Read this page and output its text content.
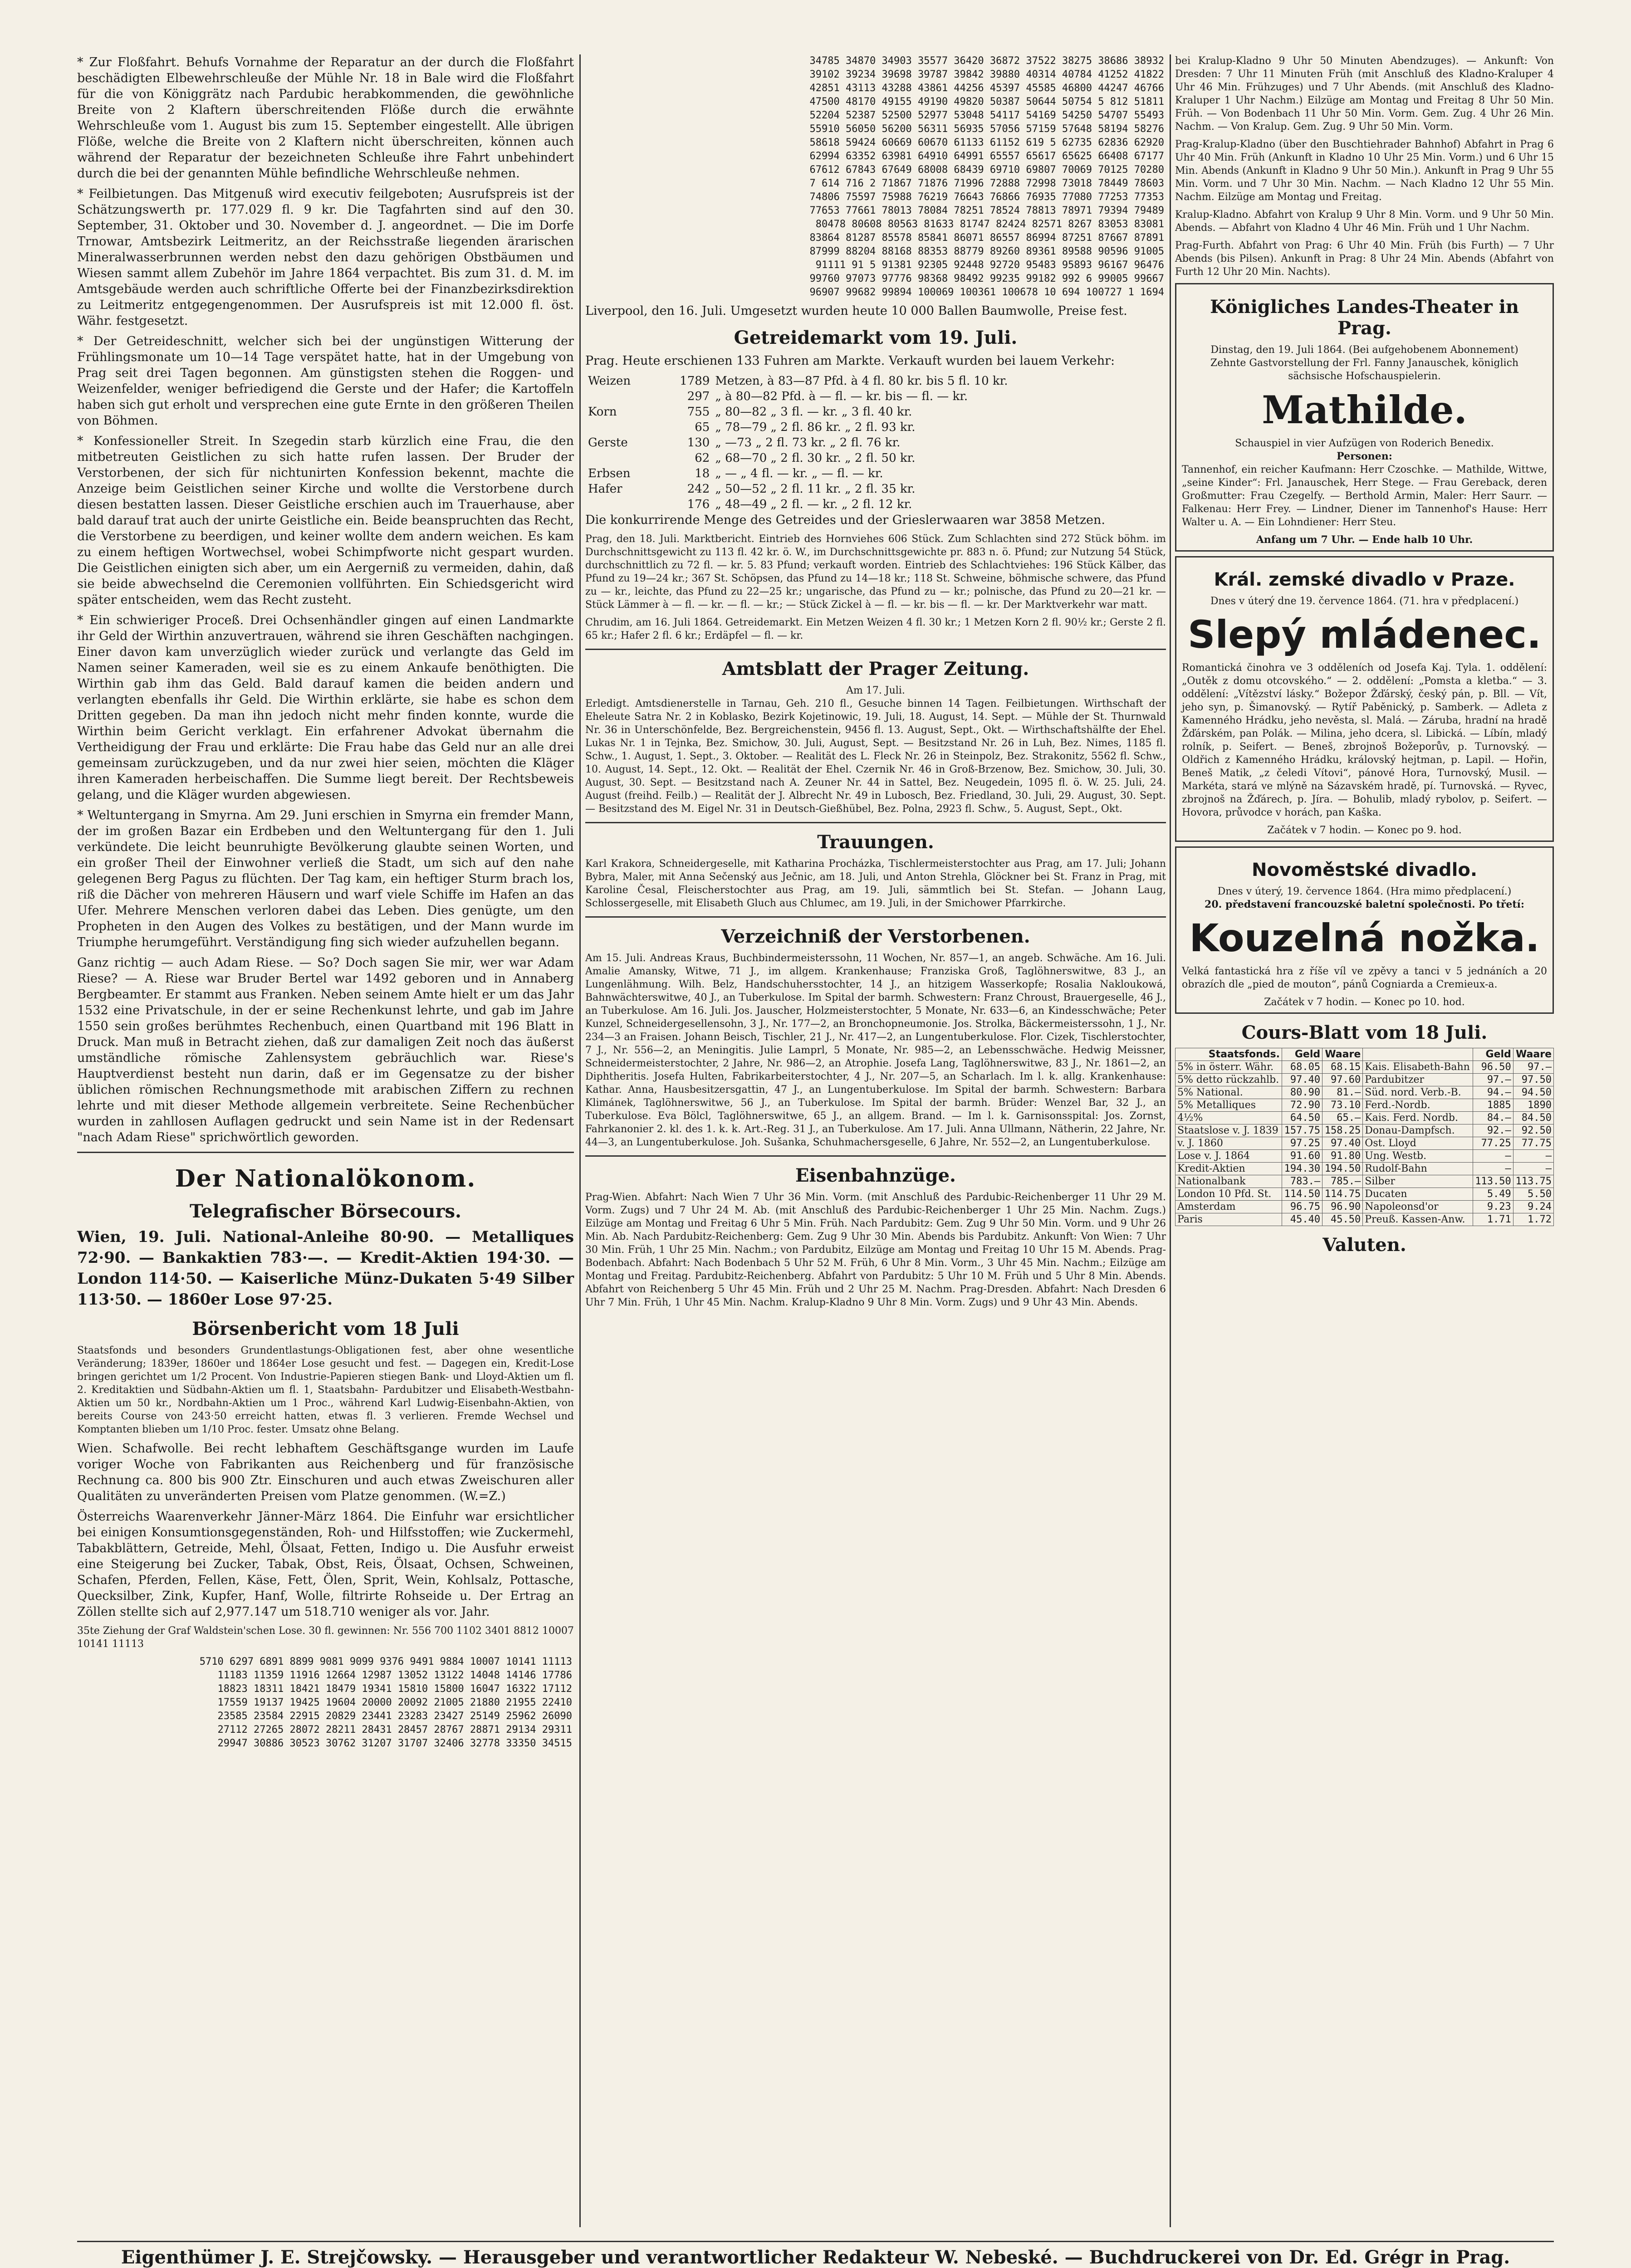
* Zur Floßfahrt. Behufs Vornahme der Reparatur an der durch die Floßfahrt beschädigten Elbewehrschleuße der Mühle Nr. 18 in Bale wird die Floßfahrt für die von Königgrätz nach Pardubic herabkommenden, die gewöhnliche Breite von 2 Klaftern überschreitenden Flöße durch die erwähnte Wehrschleuße vom 1. August bis zum 15. September eingestellt. Alle übrigen Flöße, welche die Breite von 2 Klaftern nicht überschreiten, können auch während der Reparatur der bezeichneten Schleuße ihre Fahrt unbehindert durch die bei der genannten Mühle befindliche Wehrschleuße nehmen.

* Feilbietungen. Das Mitgenuß wird executiv feilgeboten; Ausrufspreis ist der Schätzungswerth pr. 177.029 fl. 9 kr. Die Tagfahrten sind auf den 30. September, 31. Oktober und 30. November d. J. angeordnet. — Die im Dorfe Trnowar, Amtsbezirk Leitmeritz, an der Reichsstraße liegenden ärarischen Mineralwasserbrunnen werden nebst den dazu gehörigen Obstbäumen und Wiesen sammt allem Zubehör im Jahre 1864 verpachtet. Bis zum 31. d. M. im Amtsgebäude werden auch schriftliche Offerte bei der Finanzbezirksdirektion zu Leitmeritz entgegengenommen. Der Ausrufspreis ist mit 12.000 fl. öst. Währ. festgesetzt.

* Der Getreideschnitt, welcher sich bei der ungünstigen Witterung der Frühlingsmonate um 10—14 Tage verspätet hatte, hat in der Umgebung von Prag seit drei Tagen begonnen. Am günstigsten stehen die Roggen- und Weizenfelder, weniger befriedigend die Gerste und der Hafer; die Kartoffeln haben sich gut erholt und versprechen eine gute Ernte in den größeren Theilen von Böhmen.

* Konfessioneller Streit. In Szegedin starb kürzlich eine Frau, die den mitbetreuten Geistlichen zu sich hatte rufen lassen. Der Bruder der Verstorbenen, der sich für nichtunirten Konfession bekennt, machte die Anzeige beim Geistlichen seiner Kirche und wollte die Verstorbene durch diesen bestatten lassen. Dieser Geistliche erschien auch im Trauerhause, aber bald darauf trat auch der unirte Geistliche ein. Beide beanspruchten das Recht, die Verstorbene zu beerdigen, und keiner wollte dem andern weichen. Es kam zu einem heftigen Wortwechsel, wobei Schimpfworte nicht gespart wurden. Die Geistlichen einigten sich aber, um ein Aergerniß zu vermeiden, dahin, daß sie beide abwechselnd die Ceremonien vollführten. Ein Schiedsgericht wird später entscheiden, wem das Recht zusteht.

* Ein schwieriger Proceß. Drei Ochsenhändler gingen auf einen Landmarkte ihr Geld der Wirthin anzuvertrauen, während sie ihren Geschäften nachgingen. Einer davon kam unverzüglich wieder zurück und verlangte das Geld im Namen seiner Kameraden, weil sie es zu einem Ankaufe benöthigten. Die Wirthin gab ihm das Geld. Bald darauf kamen die beiden andern und verlangten ebenfalls ihr Geld. Die Wirthin erklärte, sie habe es schon dem Dritten gegeben. Da man ihn jedoch nicht mehr finden konnte, wurde die Wirthin beim Gericht verklagt. Ein erfahrener Advokat übernahm die Vertheidigung der Frau und erklärte: Die Frau habe das Geld nur an alle drei gemeinsam zurückzugeben, und da nur zwei hier seien, möchten die Kläger ihren Kameraden herbeischaffen. Die Summe liegt bereit. Der Rechtsbeweis gelang, und die Kläger wurden abgewiesen.

* Weltuntergang in Smyrna. Am 29. Juni erschien in Smyrna ein fremder Mann, der im großen Bazar ein Erdbeben und den Weltuntergang für den 1. Juli verkündete. Die leicht beunruhigte Bevölkerung glaubte seinen Worten, und ein großer Theil der Einwohner verließ die Stadt, um sich auf den nahe gelegenen Berg Pagus zu flüchten. Der Tag kam, ein heftiger Sturm brach los, riß die Dächer von mehreren Häusern und warf viele Schiffe im Hafen an das Ufer. Mehrere Menschen verloren dabei das Leben. Dies genügte, um den Propheten in den Augen des Volkes zu bestätigen, und der Mann wurde im Triumphe herumgeführt. Verständigung fing sich wieder aufzuhellen begann.

Ganz richtig — auch Adam Riese. — So? Doch sagen Sie mir, wer war Adam Riese? — A. Riese war Bruder Bertel war 1492 geboren und in Annaberg Bergbeamter. Er stammt aus Franken. Neben seinem Amte hielt er um das Jahr 1532 eine Privatschule, in der er seine Rechenkunst lehrte, und gab im Jahre 1550 sein großes berühmtes Rechenbuch, einen Quartband mit 196 Blatt in Druck. Man muß in Betracht ziehen, daß zur damaligen Zeit noch das äußerst umständliche römische Zahlensystem gebräuchlich war. Riese's Hauptverdienst besteht nun darin, daß er im Gegensatze zu der bisher üblichen römischen Rechnungsmethode mit arabischen Ziffern zu rechnen lehrte und mit dieser Methode allgemein verbreitete. Seine Rechenbücher wurden in zahllosen Auflagen gedruckt und sein Name ist in der Redensart "nach Adam Riese" sprichwörtlich geworden.

Der Nationalökonom.
Telegrafischer Börsecours.

Wien, 19. Juli. National-Anleihe 80·90. — Metalliques 72·90. — Bankaktien 783·—. — Kredit-Aktien 194·30. — London 114·50. — Kaiserliche Münz-Dukaten 5·49 Silber 113·50. — 1860er Lose 97·25.

Börsenbericht vom 18 Juli

Staatsfonds und besonders Grundentlastungs-Obligationen fest, aber ohne wesentliche Veränderung; 1839er, 1860er und 1864er Lose gesucht und fest. — Dagegen ein, Kredit-Lose bringen gerichtet um 1/2 Procent. Von Industrie-Papieren stiegen Bank- und Lloyd-Aktien um fl. 2. Kreditaktien und Südbahn-Aktien um fl. 1, Staatsbahn- Pardubitzer und Elisabeth-Westbahn-Aktien um 50 kr., Nordbahn-Aktien um 1 Proc., während Karl Ludwig-Eisenbahn-Aktien, von bereits Course von 243·50 erreicht hatten, etwas fl. 3 verlieren. Fremde Wechsel und Komptanten blieben um 1/10 Proc. fester. Umsatz ohne Belang.

Wien. Schafwolle. Bei recht lebhaftem Geschäftsgange wurden im Laufe voriger Woche von Fabrikanten aus Reichenberg und für französische Rechnung ca. 800 bis 900 Ztr. Einschuren und auch etwas Zweischuren aller Qualitäten zu unveränderten Preisen vom Platze genommen. (W.=Z.)

Österreichs Waarenverkehr Jänner-März 1864. Die Einfuhr war ersichtlicher bei einigen Konsumtionsgegenständen, Roh- und Hilfsstoffen; wie Zuckermehl, Tabakblättern, Getreide, Mehl, Ölsaat, Fetten, Indigo u. Die Ausfuhr erweist eine Steigerung bei Zucker, Tabak, Obst, Reis, Ölsaat, Ochsen, Schweinen, Schafen, Pferden, Fellen, Käse, Fett, Ölen, Sprit, Wein, Kohlsalz, Pottasche, Quecksilber, Zink, Kupfer, Hanf, Wolle, filtrirte Rohseide u. Der Ertrag an Zöllen stellte sich auf 2,977.147 um 518.710 weniger als vor. Jahr.

35te Ziehung der Graf Waldstein'schen Lose. 30 fl. gewinnen: Nr. 556 700 1102 3401 8812 10007 10141 11113

5710 6297 6891 8899 9081 9099 9376 9491 9884 10007 10141 11113
11183 11359 11916 12664 12987 13052 13122 14048 14146 17786
18823 18311 18421 18479 19341 15810 15800 16047 16322 17112
17559 19137 19425 19604 20000 20092 21005 21880 21955 22410
23585 23584 22915 20829 23441 23283 23427 25149 25962 26090
27112 27265 28072 28211 28431 28457 28767 28871 29134 29311
29947 30886 30523 30762 31207 31707 32406 32778 33350 34515
34785 34870 34903 35577 36420 36872 37522 38275 38686 38932
39102 39234 39698 39787 39842 39880 40314 40784 41252 41822
42851 43113 43288 43861 44256 45397 45585 46800 44247 46766
47500 48170 49155 49190 49820 50387 50644 50754 5 812 51811
52204 52387 52500 52977 53048 54117 54169 54250 54707 55493
55910 56050 56200 56311 56935 57056 57159 57648 58194 58276
58618 59424 60669 60670 61133 61152 619 5 62735 62836 62920
62994 63352 63981 64910 64991 65557 65617 65625 66408 67177
67612 67843 67649 68008 68439 69710 69807 70069 70125 70280
7 614 716 2 71867 71876 71996 72888 72998 73018 78449 78603
74806 75597 75988 76219 76643 76866 76935 77080 77253 77353
77653 77661 78013 78084 78251 78524 78813 78971 79394 79489
80478 80608 80563 81633 81747 82424 82571 8267 83053 83081
83864 81287 85578 85841 86071 86557 86994 87251 87667 87891
87999 88204 88168 88353 88779 89260 89361 89588 90596 91005
91111 91 5 91381 92305 92448 92720 95483 95893 96167 96476
99760 97073 97776 98368 98492 99235 99182 992 6 99005 99667
96907 99682 99894 100069 100361 100678 10 694 100727 1 1694

Liverpool, den 16. Juli. Umgesetzt wurden heute 10 000 Ballen Baumwolle, Preise fest.

Getreidemarkt vom 19. Juli.

Prag. Heute erschienen 133 Fuhren am Markte. Verkauft wurden bei lauem Verkehr:

Weizen	1789	Metzen, à 83—87 Pfd. à 4 fl. 80 kr. bis 5 fl. 10 kr.
	297	„ à 80—82 Pfd. à — fl. — kr. bis — fl. — kr.
Korn	755	„ 80—82 „ 3 fl. — kr. „ 3 fl. 40 kr.
	65	„ 78—79 „ 2 fl. 86 kr. „ 2 fl. 93 kr.
Gerste	130	„ —73 „ 2 fl. 73 kr. „ 2 fl. 76 kr.
	62	„ 68—70 „ 2 fl. 30 kr. „ 2 fl. 50 kr.
Erbsen	18	„ — „ 4 fl. — kr. „ — fl. — kr.
Hafer	242	„ 50—52 „ 2 fl. 11 kr. „ 2 fl. 35 kr.
	176	„ 48—49 „ 2 fl. — kr. „ 2 fl. 12 kr.

Die konkurrirende Menge des Getreides und der Grieslerwaaren war 3858 Metzen.

Prag, den 18. Juli. Marktbericht. Eintrieb des Hornviehes 606 Stück. Zum Schlachten sind 272 Stück böhm. im Durchschnittsgewicht zu 113 fl. 42 kr. ö. W., im Durchschnittsgewichte pr. 883 n. ö. Pfund; zur Nutzung 54 Stück, durchschnittlich zu 72 fl. — kr. 5. 83 Pfund; verkauft worden. Eintrieb des Schlachtviehes: 196 Stück Kälber, das Pfund zu 19—24 kr.; 367 St. Schöpsen, das Pfund zu 14—18 kr.; 118 St. Schweine, böhmische schwere, das Pfund zu — kr., leichte, das Pfund zu 22—25 kr.; ungarische, das Pfund zu — kr.; polnische, das Pfund zu 20—21 kr. — Stück Lämmer à — fl. — kr. — fl. — kr.; — Stück Zickel à — fl. — kr. bis — fl. — kr. Der Marktverkehr war matt.

Chrudim, am 16. Juli 1864. Getreidemarkt. Ein Metzen Weizen 4 fl. 30 kr.; 1 Metzen Korn 2 fl. 90½ kr.; Gerste 2 fl. 65 kr.; Hafer 2 fl. 6 kr.; Erdäpfel — fl. — kr.

Amtsblatt der Prager Zeitung.
Am 17. Juli.

Erledigt. Amtsdienerstelle in Tarnau, Geh. 210 fl., Gesuche binnen 14 Tagen. Feilbietungen. Wirthschaft der Eheleute Satra Nr. 2 in Koblasko, Bezirk Kojetinowic, 19. Juli, 18. August, 14. Sept. — Mühle der St. Thurnwald Nr. 36 in Unterschönfelde, Bez. Bergreichenstein, 9456 fl. 13. August, Sept., Okt. — Wirthschaftshälfte der Ehel. Lukas Nr. 1 in Tejnka, Bez. Smichow, 30. Juli, August, Sept. — Besitzstand Nr. 26 in Luh, Bez. Nimes, 1185 fl. Schw., 1. August, 1. Sept., 3. Oktober. — Realität des L. Fleck Nr. 26 in Steinpolz, Bez. Strakonitz, 5562 fl. Schw., 10. August, 14. Sept., 12. Okt. — Realität der Ehel. Czernik Nr. 46 in Groß-Brzenow, Bez. Smichow, 30. Juli, 30. August, 30. Sept. — Besitzstand nach A. Zeuner Nr. 44 in Sattel, Bez. Neugedein, 1095 fl. ö. W. 25. Juli, 24. August (freihd. Feilb.) — Realität der J. Albrecht Nr. 49 in Lubosch, Bez. Friedland, 30. Juli, 29. August, 30. Sept. — Besitzstand des M. Eigel Nr. 31 in Deutsch-Gießhübel, Bez. Polna, 2923 fl. Schw., 5. August, Sept., Okt.

Trauungen.

Karl Krakora, Schneidergeselle, mit Katharina Procházka, Tischlermeisterstochter aus Prag, am 17. Juli; Johann Bybra, Maler, mit Anna Sečenský aus Ječnic, am 18. Juli, und Anton Strehla, Glöckner bei St. Franz in Prag, mit Karoline Česal, Fleischerstochter aus Prag, am 19. Juli, sämmtlich bei St. Stefan. — Johann Laug, Schlossergeselle, mit Elisabeth Gluch aus Chlumec, am 19. Juli, in der Smichower Pfarrkirche.

Verzeichniß der Verstorbenen.

Am 15. Juli. Andreas Kraus, Buchbindermeisterssohn, 11 Wochen, Nr. 857—1, an angeb. Schwäche. Am 16. Juli. Amalie Amansky, Witwe, 71 J., im allgem. Krankenhause; Franziska Groß, Taglöhnerswitwe, 83 J., an Lungenlähmung. Wilh. Belz, Handschuhersstochter, 14 J., an hitzigem Wasserkopfe; Rosalia Nakloukowá, Bahnwächterswitwe, 40 J., an Tuberkulose. Im Spital der barmh. Schwestern: Franz Chroust, Brauergeselle, 46 J., an Tuberkulose. Am 16. Juli. Jos. Jauscher, Holzmeisterstochter, 5 Monate, Nr. 633—6, an Kindesschwäche; Peter Kunzel, Schneidergesellensohn, 3 J., Nr. 177—2, an Bronchopneumonie. Jos. Strolka, Bäckermeisterssohn, 1 J., Nr. 234—3 an Fraisen. Johann Beisch, Tischler, 21 J., Nr. 417—2, an Lungentuberkulose. Flor. Cizek, Tischlerstochter, 7 J., Nr. 556—2, an Meningitis. Julie Lamprl, 5 Monate, Nr. 985—2, an Lebensschwäche. Hedwig Meissner, Schneidermeisterstochter, 2 Jahre, Nr. 986—2, an Atrophie. Josefa Lang, Taglöhnerswitwe, 83 J., Nr. 1861—2, an Diphtheritis. Josefa Hulten, Fabrikarbeiterstochter, 4 J., Nr. 207—5, an Scharlach. Im l. k. allg. Krankenhause: Kathar. Anna, Hausbesitzersgattin, 47 J., an Lungentuberkulose. Im Spital der barmh. Schwestern: Barbara Klimánek, Taglöhnerswitwe, 56 J., an Tuberkulose. Im Spital der barmh. Brüder: Wenzel Bar, 32 J., an Tuberkulose. Eva Bölcl, Taglöhnerswitwe, 65 J., an allgem. Brand. — Im l. k. Garnisonsspital: Jos. Zornst, Fahrkanonier 2. kl. des 1. k. k. Art.-Reg. 31 J., an Tuberkulose. Am 17. Juli. Anna Ullmann, Nätherin, 22 Jahre, Nr. 44—3, an Lungentuberkulose. Joh. Sušanka, Schuhmachersgeselle, 6 Jahre, Nr. 552—2, an Lungentuberkulose.

Eisenbahnzüge.

Prag-Wien. Abfahrt: Nach Wien 7 Uhr 36 Min. Vorm. (mit Anschluß des Pardubic-Reichenberger 11 Uhr 29 M. Vorm. Zugs) und 7 Uhr 24 M. Ab. (mit Anschluß des Pardubic-Reichenberger 1 Uhr 25 Min. Nachm. Zugs.) Eilzüge am Montag und Freitag 6 Uhr 5 Min. Früh. Nach Pardubitz: Gem. Zug 9 Uhr 50 Min. Vorm. und 9 Uhr 26 Min. Ab. Nach Pardubitz-Reichenberg: Gem. Zug 9 Uhr 30 Min. Abends bis Pardubitz. Ankunft: Von Wien: 7 Uhr 30 Min. Früh, 1 Uhr 25 Min. Nachm.; von Pardubitz, Eilzüge am Montag und Freitag 10 Uhr 15 M. Abends. Prag-Bodenbach. Abfahrt: Nach Bodenbach 5 Uhr 52 M. Früh, 6 Uhr 8 Min. Vorm., 3 Uhr 45 Min. Nachm.; Eilzüge am Montag und Freitag. Pardubitz-Reichenberg. Abfahrt von Pardubitz: 5 Uhr 10 M. Früh und 5 Uhr 8 Min. Abends. Abfahrt von Reichenberg 5 Uhr 45 Min. Früh und 2 Uhr 25 M. Nachm. Prag-Dresden. Abfahrt: Nach Dresden 6 Uhr 7 Min. Früh, 1 Uhr 45 Min. Nachm. Kralup-Kladno 9 Uhr 8 Min. Vorm. Zugs) und 9 Uhr 43 Min. Abends.

bei Kralup-Kladno 9 Uhr 50 Minuten Abendzuges). — Ankunft: Von Dresden: 7 Uhr 11 Minuten Früh (mit Anschluß des Kladno-Kraluper 4 Uhr 46 Min. Frühzuges) und 7 Uhr Abends. (mit Anschluß des Kladno-Kraluper 1 Uhr Nachm.) Eilzüge am Montag und Freitag 8 Uhr 50 Min. Früh. — Von Bodenbach 11 Uhr 50 Min. Vorm. Gem. Zug. 4 Uhr 26 Min. Nachm. — Von Kralup. Gem. Zug. 9 Uhr 50 Min. Vorm.

Prag-Kralup-Kladno (über den Buschtiehrader Bahnhof) Abfahrt in Prag 6 Uhr 40 Min. Früh (Ankunft in Kladno 10 Uhr 25 Min. Vorm.) und 6 Uhr 15 Min. Abends (Ankunft in Kladno 9 Uhr 50 Min.). Ankunft in Prag 9 Uhr 55 Min. Vorm. und 7 Uhr 30 Min. Nachm. — Nach Kladno 12 Uhr 55 Min. Nachm. Eilzüge am Montag und Freitag.

Kralup-Kladno. Abfahrt von Kralup 9 Uhr 8 Min. Vorm. und 9 Uhr 50 Min. Abends. — Abfahrt von Kladno 4 Uhr 46 Min. Früh und 1 Uhr Nachm.

Prag-Furth. Abfahrt von Prag: 6 Uhr 40 Min. Früh (bis Furth) — 7 Uhr Abends (bis Pilsen). Ankunft in Prag: 8 Uhr 24 Min. Abends (Abfahrt von Furth 12 Uhr 20 Min. Nachts).

Königliches Landes-Theater in Prag.
Dinstag, den 19. Juli 1864. (Bei aufgehobenem Abonnement)
Zehnte Gastvorstellung der Frl. Fanny Janauschek, königlich sächsische Hofschauspielerin.
Mathilde.
Schauspiel in vier Aufzügen von Roderich Benedix.
Personen:

Tannenhof, ein reicher Kaufmann: Herr Czoschke. — Mathilde, Wittwe, „seine Kinder“: Frl. Janauschek, Herr Stege. — Frau Gereback, deren Großmutter: Frau Czegelfy. — Berthold Armin, Maler: Herr Saurr. — Falkenau: Herr Frey. — Lindner, Diener im Tannenhof's Hause: Herr Walter u. A. — Ein Lohndiener: Herr Steu.

Anfang um 7 Uhr. — Ende halb 10 Uhr.
Král. zemské divadlo v Praze.
Dnes v úterý dne 19. července 1864. (71. hra v předplacení.)
Slepý mládenec.

Romantická činohra ve 3 odděleních od Josefa Kaj. Tyla. 1. oddělení: „Outěk z domu otcovského.“ — 2. oddělení: „Pomsta a kletba.“ — 3. oddělení: „Vítězství lásky.“ Božepor Žďárský, český pán, p. Bll. — Vít, jeho syn, p. Šimanovský. — Rytíř Paběnický, p. Samberk. — Adleta z Kamenného Hrádku, jeho nevěsta, sl. Malá. — Záruba, hradní na hradě Žďárském, pan Polák. — Milina, jeho dcera, sl. Libická. — Líbín, mladý rolník, p. Seifert. — Beneš, zbrojnoš Božeporův, p. Turnovský. — Oldřich z Kamenného Hrádku, královský hejtman, p. Lapil. — Hořin, Beneš Matik, „z čeledi Vítovi“, pánové Hora, Turnovský, Musil. — Markéta, stará ve mlýně na Sázavském hradě, pí. Turnovská. — Ryvec, zbrojnoš na Žďárech, p. Jíra. — Bohulib, mladý rybolov, p. Seifert. — Hovora, průvodce v horách, pan Kaška.

Začátek v 7 hodin. — Konec po 9. hod.
Novoměstské divadlo.
Dnes v úterý, 19. července 1864. (Hra mimo předplacení.)
20. představení francouzské baletní společnosti. Po třetí:
Kouzelná nožka.

Velká fantastická hra z říše víl ve zpěvy a tanci v 5 jednáních a 20 obrazích dle „pied de mouton“, pánů Cogniarda a Cremieux-a.

Začátek v 7 hodin. — Konec po 10. hod.
Cours-Blatt vom 18 Juli.
Staatsfonds.	Geld	Waare		Geld	Waare
5% in österr. Währ.	68.05	68.15	Kais. Elisabeth-Bahn	96.50	97.—
5% detto rückzahlb.	97.40	97.60	Pardubitzer	97.—	97.50
5% National.	80.90	81.—	Süd. nord. Verb.-B.	94.—	94.50
5% Metalliques	72.90	73.10	Ferd.-Nordb.	1885	1890
4½%	64.50	65.—	Kais. Ferd. Nordb.	84.—	84.50
Staatslose v. J. 1839	157.75	158.25	Donau-Dampfsch.	92.—	92.50
v. J. 1860	97.25	97.40	Ost. Lloyd	77.25	77.75
Lose v. J. 1864	91.60	91.80	Ung. Westb.	—	—
Kredit-Aktien	194.30	194.50	Rudolf-Bahn	—	—
Nationalbank	783.—	785.—	Silber	113.50	113.75
London 10 Pfd. St.	114.50	114.75	Ducaten	5.49	5.50
Amsterdam	96.75	96.90	Napoleonsd'or	9.23	9.24
Paris	45.40	45.50	Preuß. Kassen-Anw.	1.71	1.72
Valuten.
Eigenthümer J. E. Strejčowsky. — Herausgeber und verantwortlicher Redakteur W. Nebeské. — Buchdruckerei von Dr. Ed. Grégr in Prag.
